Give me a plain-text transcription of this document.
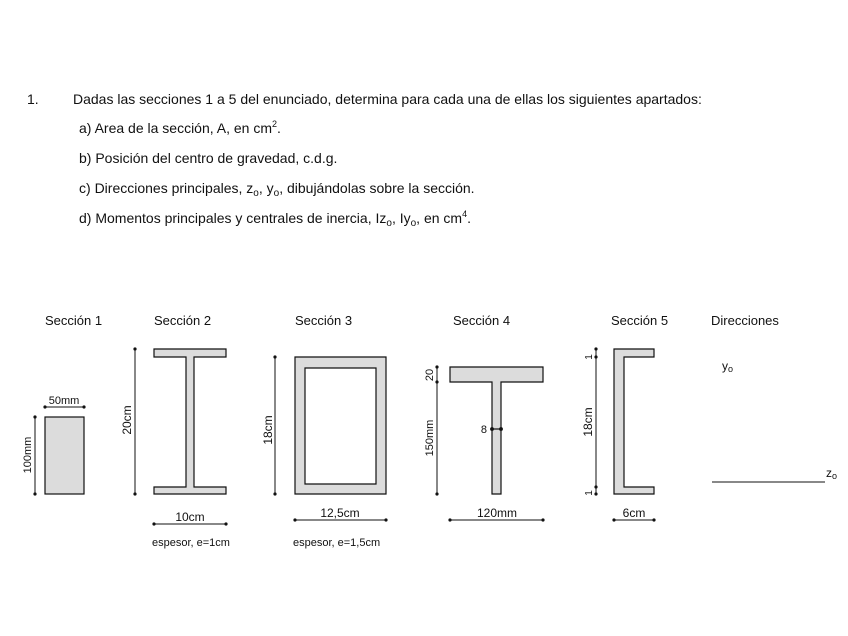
1. Dadas las secciones 1 a 5 del enunciado, determina para cada una de ellas los siguientes apartados:
a) Area de la sección, A, en $cm^2$.
b) Posición del centro de gravedad, c.d.g.
c) Direcciones principales, $z_o$, $y_o$, dibujándolas sobre la sección.
d) Momentos principales y centrales de inercia, $Iz_o$, $Iy_o$, en $cm^4$.
Sección 1	Sección 2	Sección 3	Sección 4	Sección 5	Direcciones
50mm
100mm
20cm
10cm
espesor, e=1cm
18cm
12,5cm
espesor, e=1,5cm
20
150mm	8
120mm
1
18cm
1
6cm
yo
zo
